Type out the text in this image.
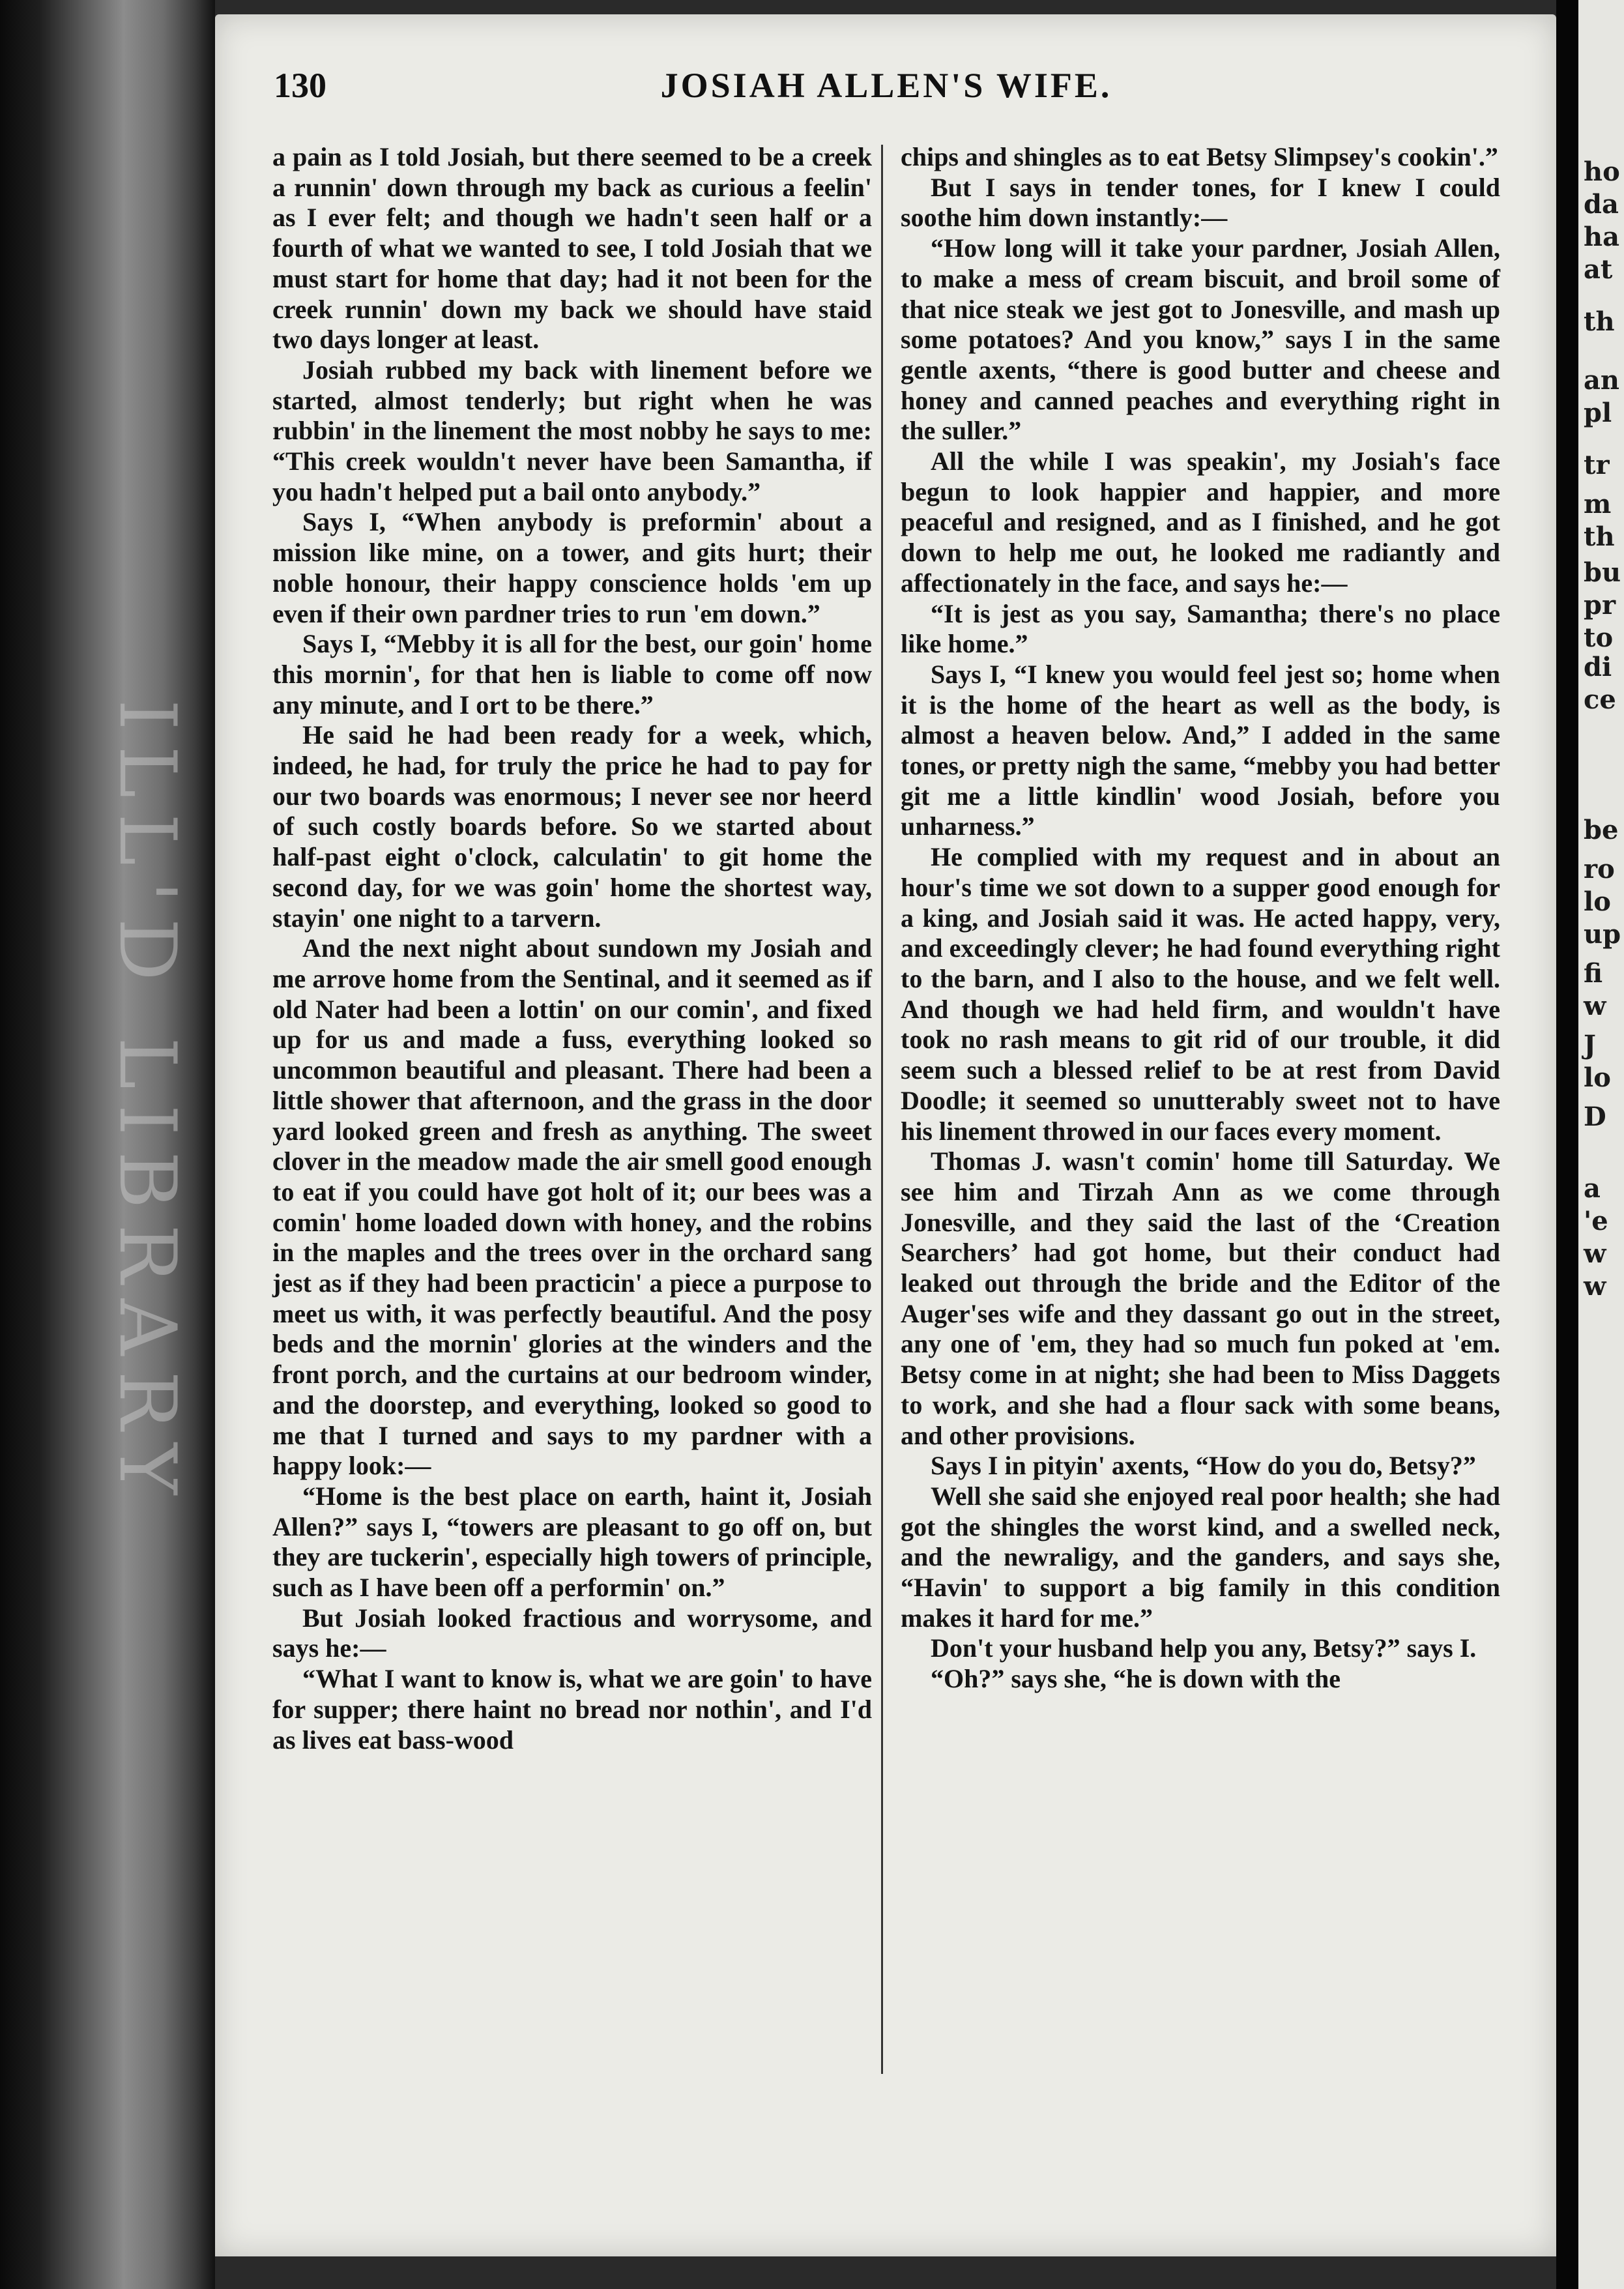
ILL'D LIBRARY
130	JOSIAH ALLEN'S WIFE.

a pain as I told Josiah, but there seemed to be a creek a runnin' down through my back as curious a feelin' as I ever felt; and though we hadn't seen half or a fourth of what we wanted to see, I told Josiah that we must start for home that day; had it not been for the creek runnin' down my back we should have staid two days longer at least.

Josiah rubbed my back with linement before we started, almost tenderly; but right when he was rubbin' in the linement the most nobby he says to me: “This creek wouldn't never have been Samantha, if you hadn't helped put a bail onto anybody.”

Says I, “When anybody is preformin' about a mission like mine, on a tower, and gits hurt; their noble honour, their happy conscience holds 'em up even if their own pardner tries to run 'em down.”

Says I, “Mebby it is all for the best, our goin' home this mornin', for that hen is liable to come off now any minute, and I ort to be there.”

He said he had been ready for a week, which, indeed, he had, for truly the price he had to pay for our two boards was enormous; I never see nor heerd of such costly boards before. So we started about half-past eight o'clock, calculatin' to git home the second day, for we was goin' home the shortest way, stayin' one night to a tarvern.

And the next night about sundown my Josiah and me arrove home from the Sentinal, and it seemed as if old Nater had been a lottin' on our comin', and fixed up for us and made a fuss, everything looked so uncommon beautiful and pleasant. There had been a little shower that afternoon, and the grass in the door yard looked green and fresh as anything. The sweet clover in the meadow made the air smell good enough to eat if you could have got holt of it; our bees was a comin' home loaded down with honey, and the robins in the maples and the trees over in the orchard sang jest as if they had been practicin' a piece a purpose to meet us with, it was perfectly beautiful. And the posy beds and the mornin' glories at the winders and the front porch, and the curtains at our bedroom winder, and the doorstep, and everything, looked so good to me that I turned and says to my pardner with a happy look:—

“Home is the best place on earth, haint it, Josiah Allen?” says I, “towers are pleasant to go off on, but they are tuckerin', especially high towers of principle, such as I have been off a performin' on.”

But Josiah looked fractious and worrysome, and says he:—

“What I want to know is, what we are goin' to have for supper; there haint no bread nor nothin', and I'd as lives eat bass-wood

chips and shingles as to eat Betsy Slimpsey's cookin'.”

But I says in tender tones, for I knew I could soothe him down instantly:—

“How long will it take your pardner, Josiah Allen, to make a mess of cream biscuit, and broil some of that nice steak we jest got to Jonesville, and mash up some potatoes? And you know,” says I in the same gentle axents, “there is good butter and cheese and honey and canned peaches and everything right in the suller.”

All the while I was speakin', my Josiah's face begun to look happier and happier, and more peaceful and resigned, and as I finished, and he got down to help me out, he looked me radiantly and affectionately in the face, and says he:—

“It is jest as you say, Samantha; there's no place like home.”

Says I, “I knew you would feel jest so; home when it is the home of the heart as well as the body, is almost a heaven below. And,” I added in the same tones, or pretty nigh the same, “mebby you had better git me a little kindlin' wood Josiah, before you unharness.”

He complied with my request and in about an hour's time we sot down to a supper good enough for a king, and Josiah said it was. He acted happy, very, and exceedingly clever; he had found everything right to the barn, and I also to the house, and we felt well. And though we had held firm, and wouldn't have took no rash means to git rid of our trouble, it did seem such a blessed relief to be at rest from David Doodle; it seemed so unutterably sweet not to have his linement throwed in our faces every moment.

Thomas J. wasn't comin' home till Saturday. We see him and Tirzah Ann as we come through Jonesville, and they said the last of the ‘Creation Searchers’ had got home, but their conduct had leaked out through the bride and the Editor of the Auger'ses wife and they dassant go out in the street, any one of 'em, they had so much fun poked at 'em. Betsy come in at night; she had been to Miss Daggets to work, and she had a flour sack with some beans, and other provisions.

Says I in pityin' axents, “How do you do, Betsy?”

Well she said she enjoyed real poor health; she had got the shingles the worst kind, and a swelled neck, and the newraligy, and the ganders, and says she, “Havin' to support a big family in this condition makes it hard for me.”

Don't your husband help you any, Betsy?” says I.

“Oh?” says she, “he is down with the

ho
da
ha
at
th
an
pl
tr
m
th
bu
pr
to
di
ce
be
ro
lo
up
fi
w
J
lo
D
a
'e
w
w
